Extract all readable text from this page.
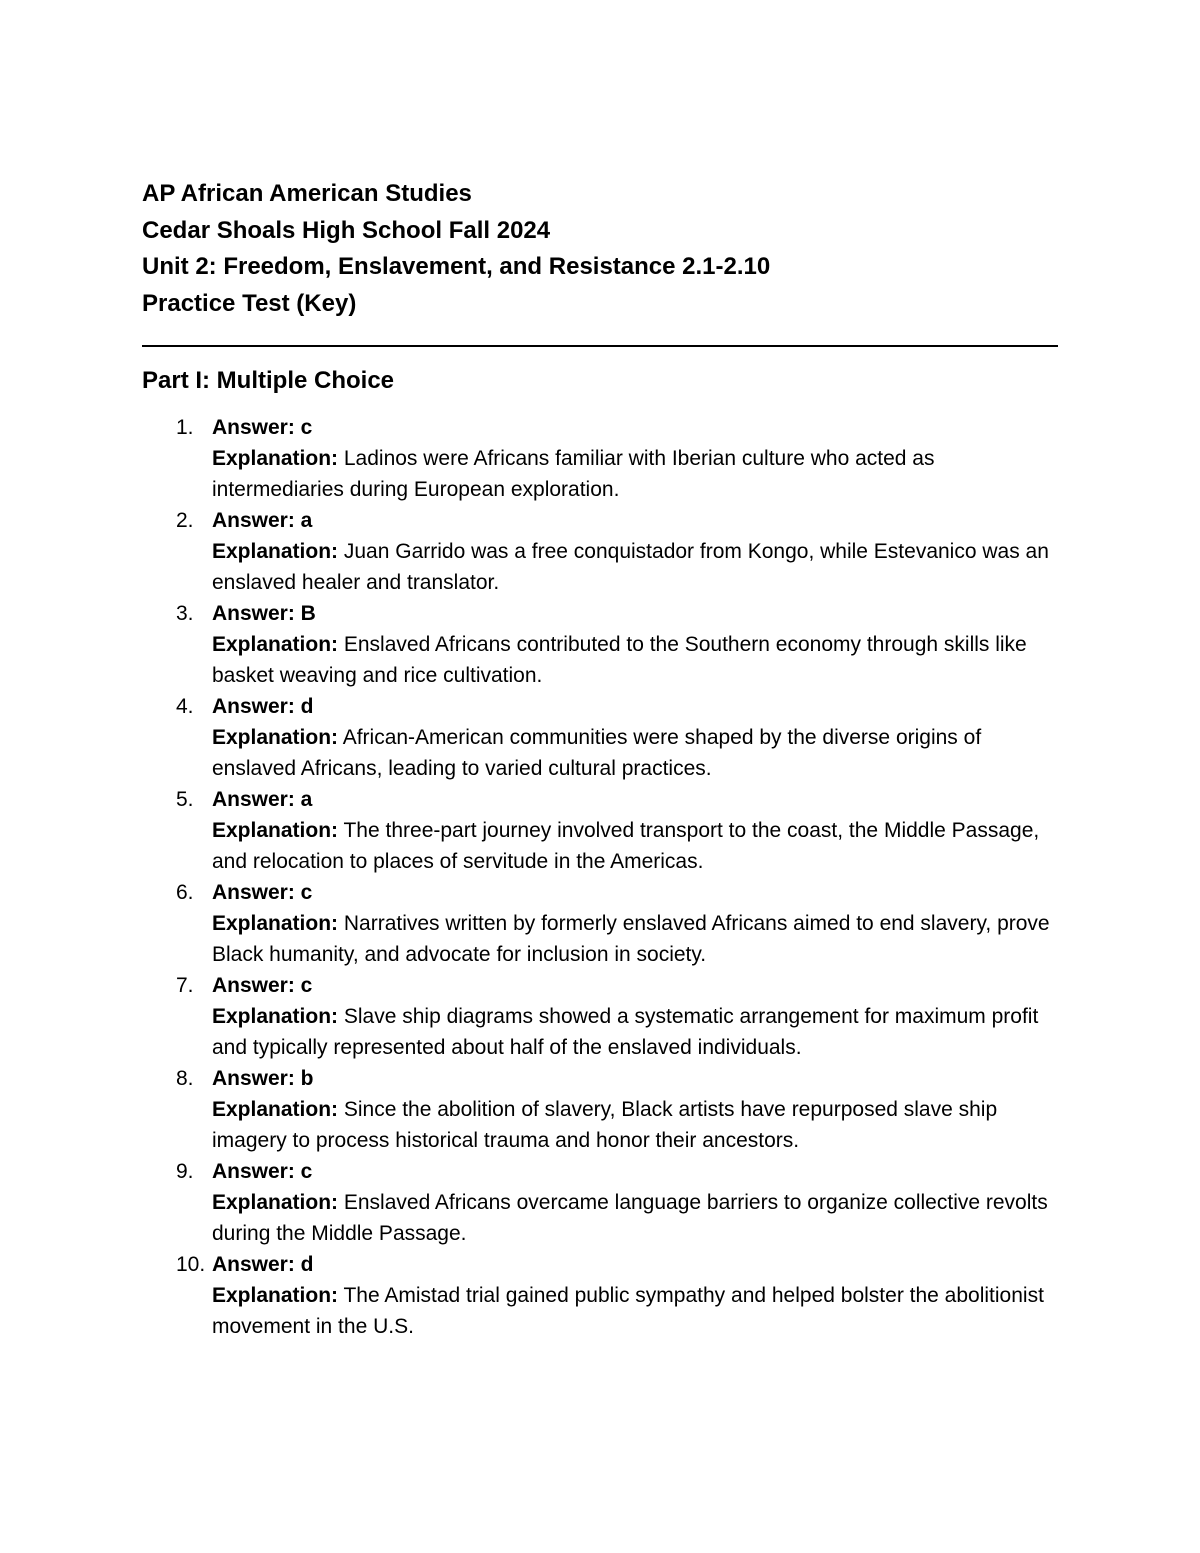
AP African American Studies
Cedar Shoals High School Fall 2024
Unit 2: Freedom, Enslavement, and Resistance 2.1-2.10
Practice Test (Key)
Part I: Multiple Choice
1. Answer: c
Explanation: Ladinos were Africans familiar with Iberian culture who acted as intermediaries during European exploration.
2. Answer: a
Explanation: Juan Garrido was a free conquistador from Kongo, while Estevanico was an enslaved healer and translator.
3. Answer: B
Explanation: Enslaved Africans contributed to the Southern economy through skills like basket weaving and rice cultivation.
4. Answer: d
Explanation: African-American communities were shaped by the diverse origins of enslaved Africans, leading to varied cultural practices.
5. Answer: a
Explanation: The three-part journey involved transport to the coast, the Middle Passage, and relocation to places of servitude in the Americas.
6. Answer: c
Explanation: Narratives written by formerly enslaved Africans aimed to end slavery, prove Black humanity, and advocate for inclusion in society.
7. Answer: c
Explanation: Slave ship diagrams showed a systematic arrangement for maximum profit and typically represented about half of the enslaved individuals.
8. Answer: b
Explanation: Since the abolition of slavery, Black artists have repurposed slave ship imagery to process historical trauma and honor their ancestors.
9. Answer: c
Explanation: Enslaved Africans overcame language barriers to organize collective revolts during the Middle Passage.
10. Answer: d
Explanation: The Amistad trial gained public sympathy and helped bolster the abolitionist movement in the U.S.
